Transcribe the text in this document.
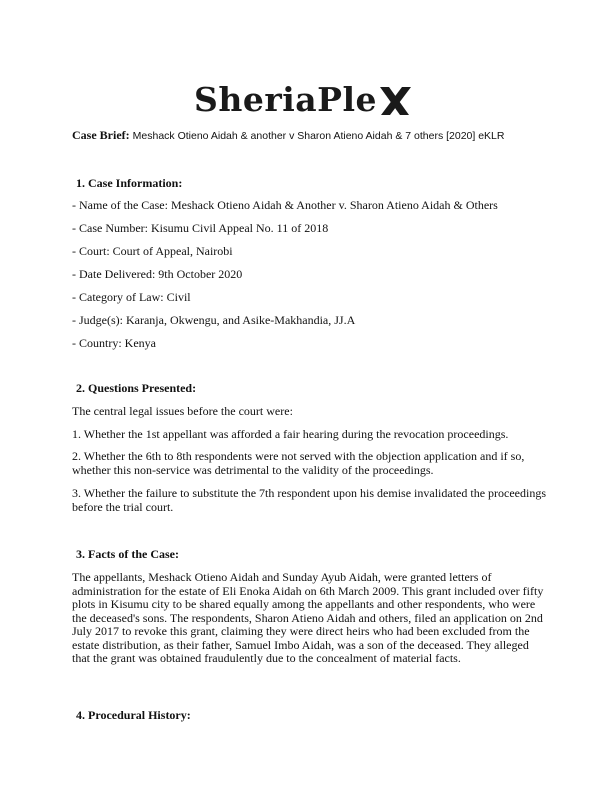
SheriaPle
Case Brief: Meshack Otieno Aidah & another v Sharon Atieno Aidah & 7 others [2020] eKLR
1. Case Information:
- Name of the Case: Meshack Otieno Aidah & Another v. Sharon Atieno Aidah & Others
- Case Number: Kisumu Civil Appeal No. 11 of 2018
- Court: Court of Appeal, Nairobi
- Date Delivered: 9th October 2020
- Category of Law: Civil
- Judge(s): Karanja, Okwengu, and Asike-Makhandia, JJ.A
- Country: Kenya
2. Questions Presented:
The central legal issues before the court were:
1. Whether the 1st appellant was afforded a fair hearing during the revocation proceedings.
2. Whether the 6th to 8th respondents were not served with the objection application and if so, whether this non-service was detrimental to the validity of the proceedings.
3. Whether the failure to substitute the 7th respondent upon his demise invalidated the proceedings before the trial court.
3. Facts of the Case:
The appellants, Meshack Otieno Aidah and Sunday Ayub Aidah, were granted letters of administration for the estate of Eli Enoka Aidah on 6th March 2009. This grant included over fifty plots in Kisumu city to be shared equally among the appellants and other respondents, who were the deceased's sons. The respondents, Sharon Atieno Aidah and others, filed an application on 2nd July 2017 to revoke this grant, claiming they were direct heirs who had been excluded from the estate distribution, as their father, Samuel Imbo Aidah, was a son of the deceased. They alleged that the grant was obtained fraudulently due to the concealment of material facts.
4. Procedural History:
